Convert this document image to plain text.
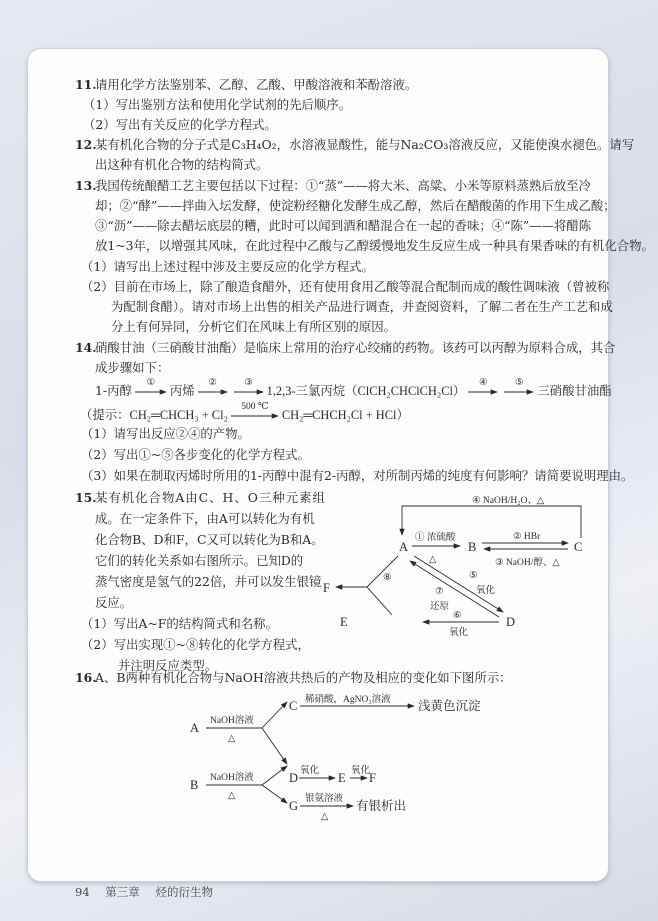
11.
请用化学方法鉴别苯、乙醇、乙酸、甲酸溶液和苯酚溶液。
（1）写出鉴别方法和使用化学试剂的先后顺序。
（2）写出有关反应的化学方程式。
12.
某有机化合物的分子式是C₃H₄O₂，水溶液显酸性，能与Na₂CO₃溶液反应，又能使溴水褪色。请写
出这种有机化合物的结构简式。
13.
我国传统酿醋工艺主要包括以下过程：①“蒸”——将大米、高粱、小米等原料蒸熟后放至冷
却；②“酵”——拌曲入坛发酵，使淀粉经糖化发酵生成乙醇，然后在醋酸菌的作用下生成乙酸；
③“沥”——除去醋坛底层的糟，此时可以闻到酒和醋混合在一起的香味；④“陈”——将醋陈
放1~3年，以增强其风味，在此过程中乙酸与乙醇缓慢地发生反应生成一种具有果香味的有机化合物。
（1）请写出上述过程中涉及主要反应的化学方程式。
（2）目前在市场上，除了酿造食醋外，还有使用食用乙酸等混合配制而成的酸性调味液（曾被称
为配制食醋）。请对市场上出售的相关产品进行调查，并查阅资料，了解二者在生产工艺和成
分上有何异同，分析它们在风味上有所区别的原因。
14.
硝酸甘油（三硝酸甘油酯）是临床上常用的治疗心绞痛的药物。该药可以丙醇为原料合成，其合
成步骤如下：
1-丙醇 ① 丙烯 ②	③
1,2,3-三氯丙烷（ClCH₂CHClCH₂Cl）
④	⑤ 三硝酸甘油酯
（提示：CH₂═CHCH₃ + Cl₂
500 ℃
CH₂═CHCH₂Cl + HCl）
（1）请写出反应②④的产物。
（2）写出①~⑤各步变化的化学方程式。
（3）如果在制取丙烯时所用的1-丙醇中混有2-丙醇，对所制丙烯的纯度有何影响？请简要说明理由。
15.
某有机化合物A由C、H、O三种元素组
成。在一定条件下，由A可以转化为有机
化合物B、D和F，C又可以转化为B和A。
它们的转化关系如右图所示。已知D的
蒸气密度是氢气的22倍，并可以发生银镜
反应。
（1）写出A~F的结构简式和名称。
（2）写出实现①~⑧转化的化学方程式，
并注明反应类型。
A	B	C
D
E
F
④ NaOH/H₂O、△
① 浓硫酸
△
② HBr
③ NaOH/醇、△
⑧	⑤
氧化
⑦
还原
⑥
氧化
16.
A、B两种有机化合物与NaOH溶液共热后的产物及相应的变化如下图所示：
A
B
C
D	E F
G
浅黄色沉淀
有银析出
NaOH溶液
△
NaOH溶液
△
稀硝酸，AgNO₃溶液
氧化	氧化
银氨溶液
△
94 第三章 烃的衍生物
